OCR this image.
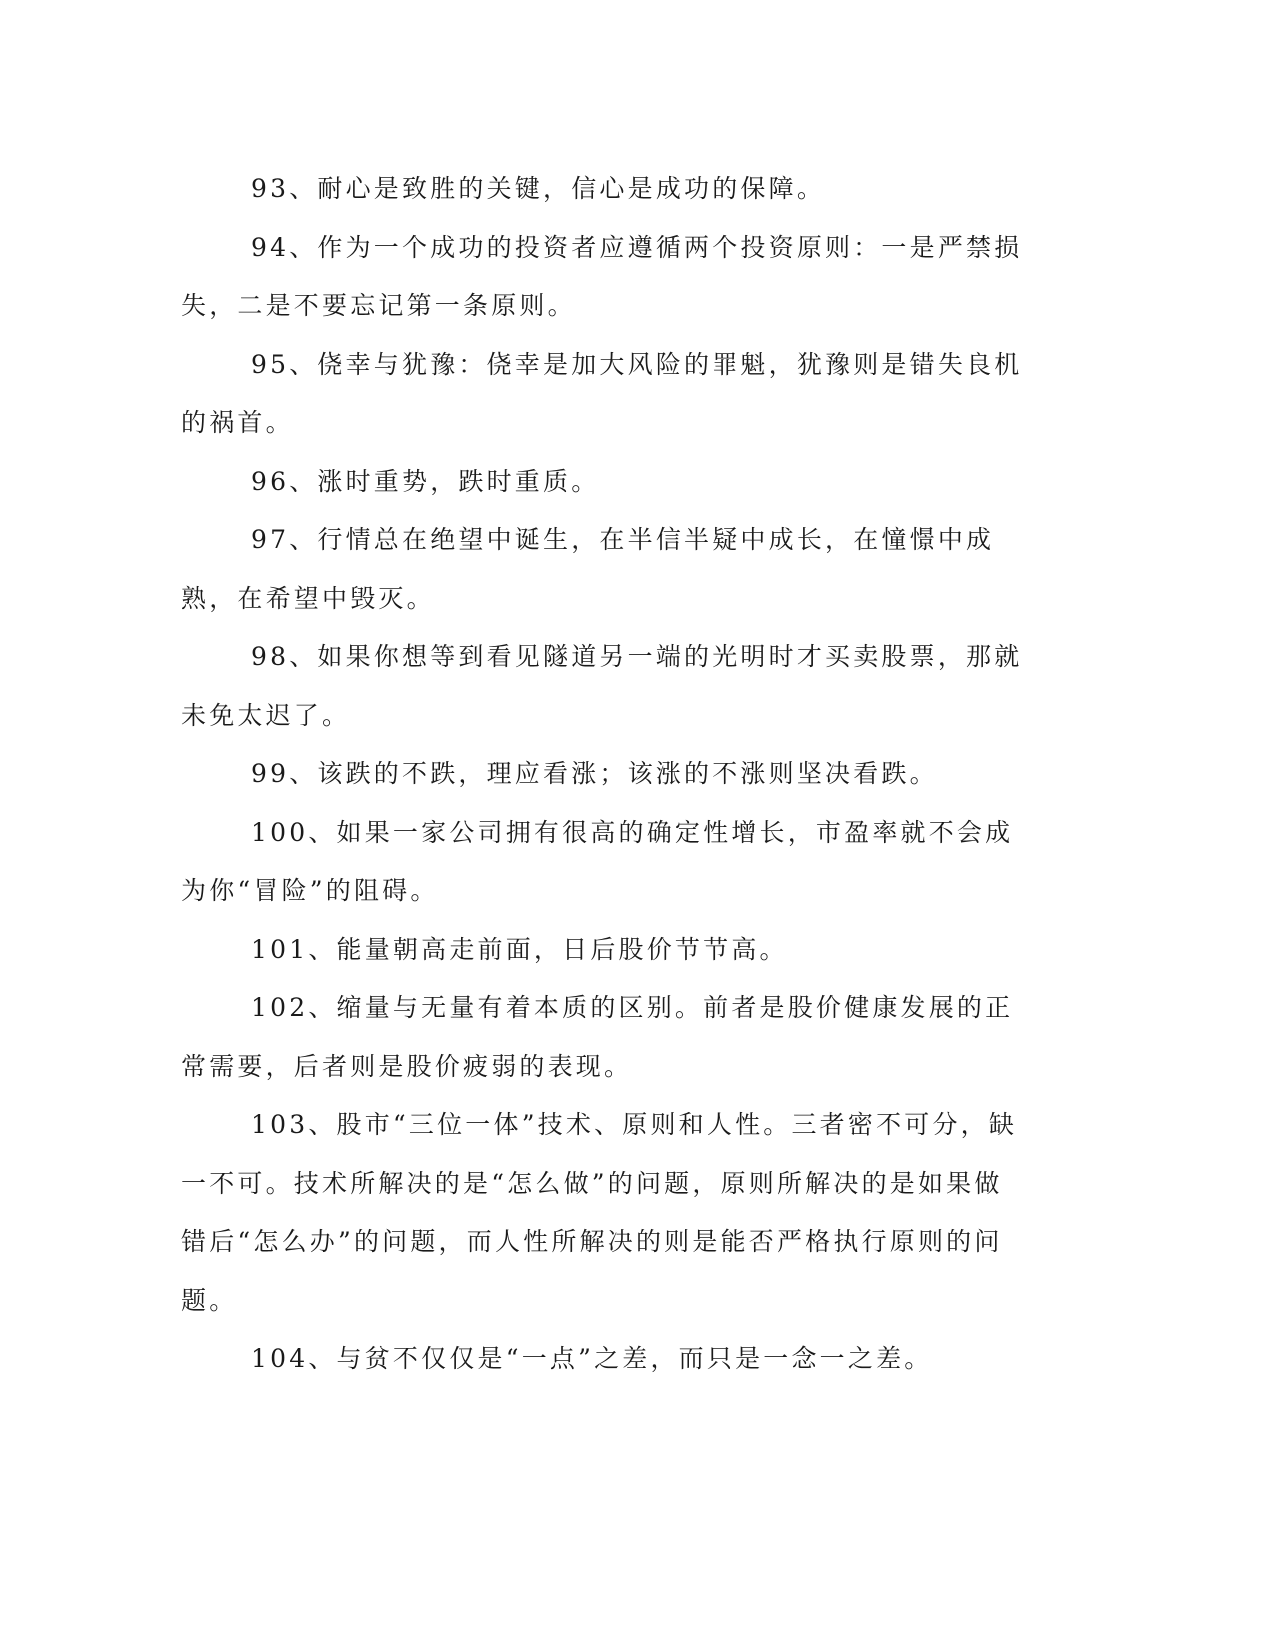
93、耐心是致胜的关键，信心是成功的保障。

94、作为一个成功的投资者应遵循两个投资原则：一是严禁损失，二是不要忘记第一条原则。

95、侥幸与犹豫：侥幸是加大风险的罪魁，犹豫则是错失良机的祸首。

96、涨时重势，跌时重质。

97、行情总在绝望中诞生，在半信半疑中成长，在憧憬中成熟，在希望中毁灭。

98、如果你想等到看见隧道另一端的光明时才买卖股票，那就未免太迟了。

99、该跌的不跌，理应看涨；该涨的不涨则坚决看跌。

100、如果一家公司拥有很高的确定性增长，市盈率就不会成为你“冒险”的阻碍。

101、能量朝高走前面，日后股价节节高。

102、缩量与无量有着本质的区别。前者是股价健康发展的正常需要，后者则是股价疲弱的表现。

103、股市“三位一体”技术、原则和人性。三者密不可分，缺一不可。技术所解决的是“怎么做”的问题，原则所解决的是如果做错后“怎么办”的问题，而人性所解决的则是能否严格执行原则的问题。

104、与贫不仅仅是“一点”之差，而只是一念一之差。
